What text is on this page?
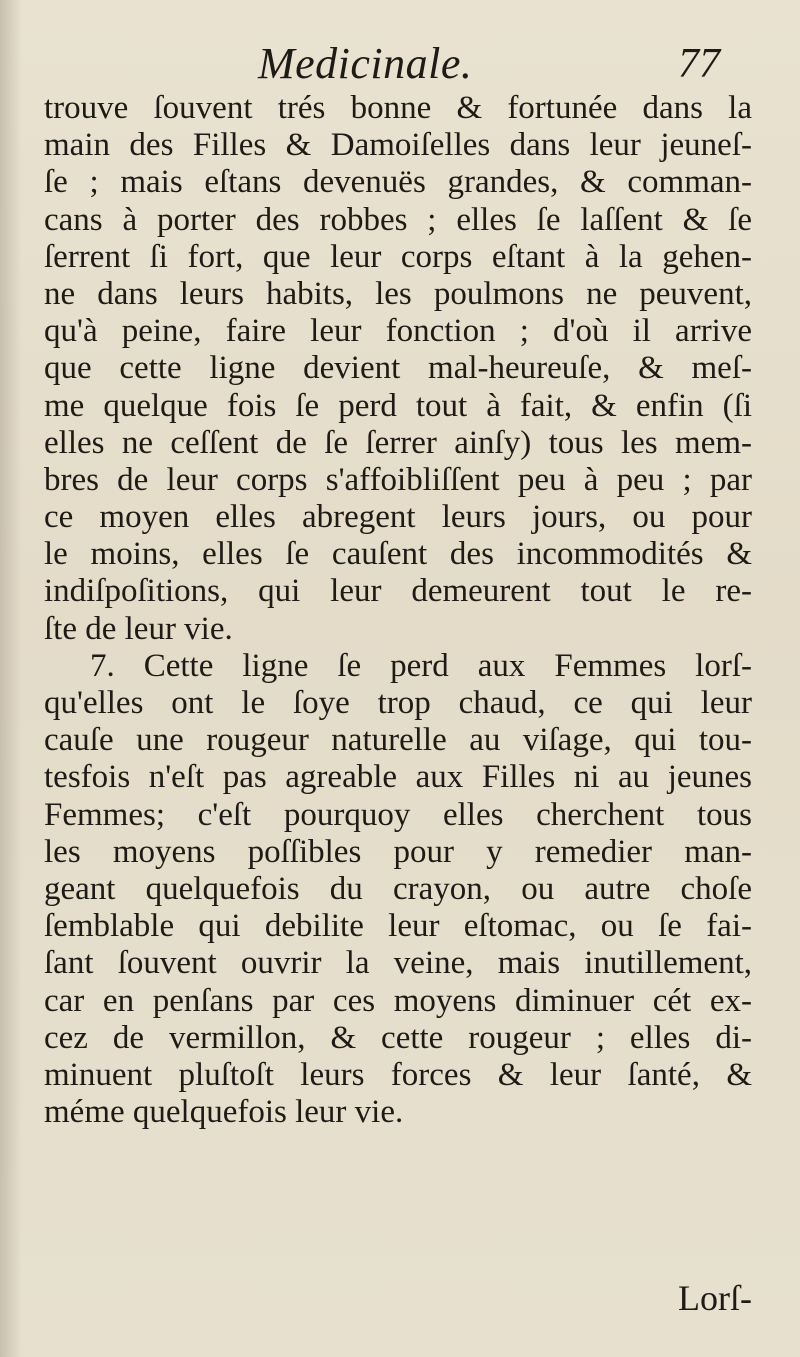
Medicinale.	77
trouve ſouvent trés bonne & fortunée dans la
main des Filles & Damoiſelles dans leur jeuneſ-
ſe ; mais eſtans devenuës grandes, & comman-
cans à porter des robbes ; elles ſe laſſent & ſe
ſerrent ſi fort, que leur corps eſtant à la gehen-
ne dans leurs habits, les poulmons ne peuvent,
qu'à peine, faire leur fonction ; d'où il arrive
que cette ligne devient mal-heureuſe, & meſ-
me quelque fois ſe perd tout à fait, & enfin (ſi
elles ne ceſſent de ſe ſerrer ainſy) tous les mem-
bres de leur corps s'affoibliſſent peu à peu ; par
ce moyen elles abregent leurs jours, ou pour
le moins, elles ſe cauſent des incommodités &
indiſpoſitions, qui leur demeurent tout le re-
ſte de leur vie.
7. Cette ligne ſe perd aux Femmes lorſ-
qu'elles ont le ſoye trop chaud, ce qui leur
cauſe une rougeur naturelle au viſage, qui tou-
tesfois n'eſt pas agreable aux Filles ni au jeunes
Femmes; c'eſt pourquoy elles cherchent tous
les moyens poſſibles pour y remedier man-
geant quelquefois du crayon, ou autre choſe
ſemblable qui debilite leur eſtomac, ou ſe fai-
ſant ſouvent ouvrir la veine, mais inutillement,
car en penſans par ces moyens diminuer cét ex-
cez de vermillon, & cette rougeur ; elles di-
minuent pluſtoſt leurs forces & leur ſanté, &
méme quelquefois leur vie.
Lorſ-
